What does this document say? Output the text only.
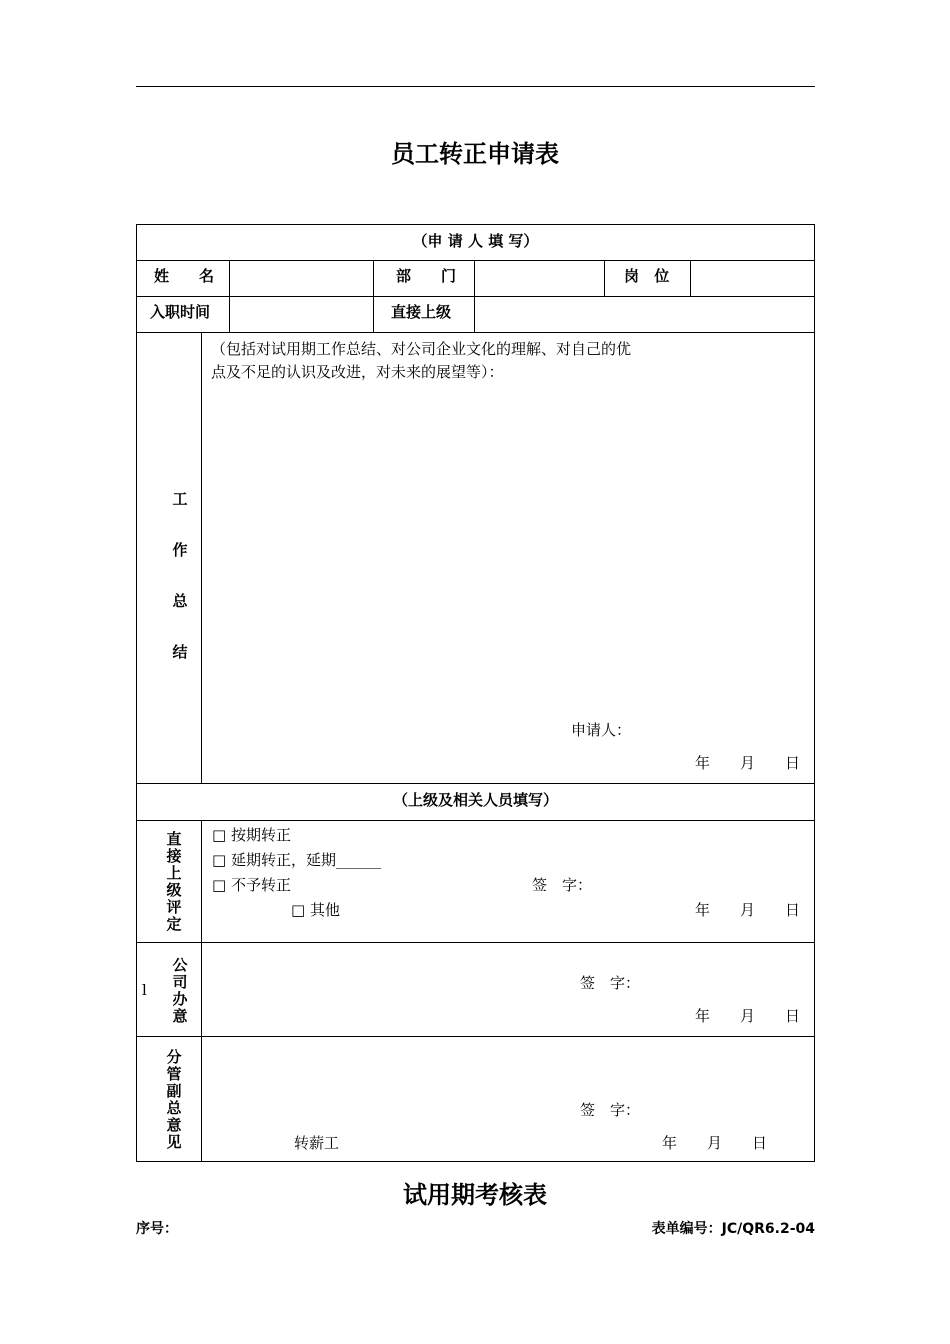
员工转正申请表
（申 请 人 填 写）
姓　　名	部　　门	岗 位
入职时间	直接上级
工作总结
（包括对试用期工作总结、对公司企业文化的理解、对自己的优
点及不足的认识及改进，对未来的展望等）：
申请人：
年　　月　　日
（上级及相关人员填写）
直接上级评定
□ 按期转正
□ 延期转正，延期______
□ 不予转正
□ 其他
签　字：
年　　月　　日
公司办意
l	签　字：
年　　月　　日
分管副总意见
签　字：
转薪工	年　　月　　日
试用期考核表
序号：	表单编号：JC/QR6.2-04
